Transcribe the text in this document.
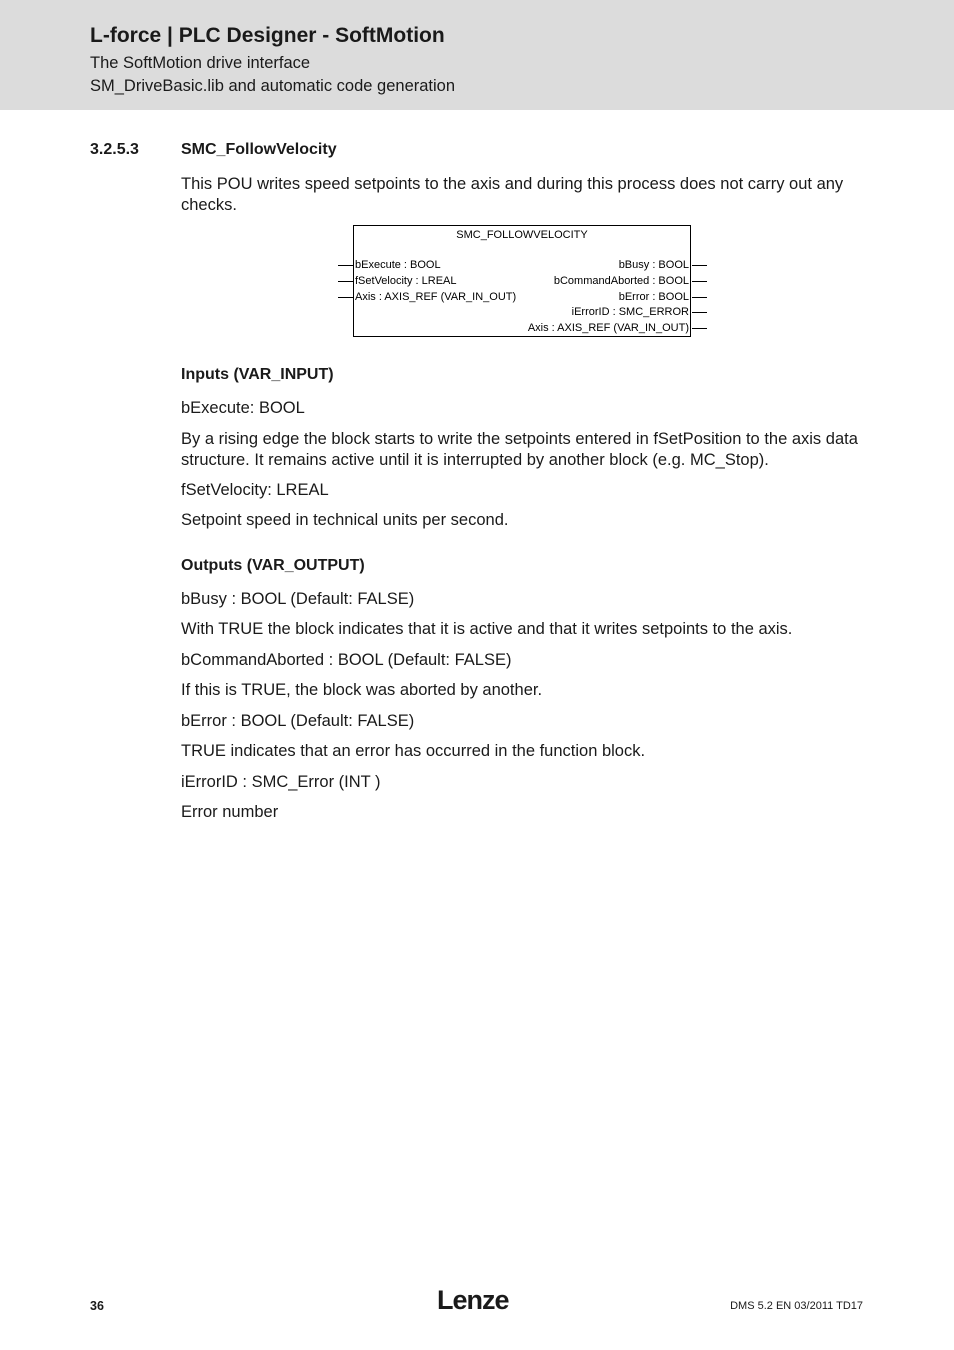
L-force | PLC Designer - SoftMotion
The SoftMotion drive interface
SM_DriveBasic.lib and automatic code generation
3.2.5.3	SMC_FollowVelocity
This POU writes speed setpoints to the axis and during this process does not carry out any checks.
SMC_FOLLOWVELOCITY
bExecute : BOOL
fSetVelocity : LREAL
Axis : AXIS_REF (VAR_IN_OUT)
bBusy : BOOL
bCommandAborted : BOOL
bError : BOOL
iErrorID : SMC_ERROR
Axis : AXIS_REF (VAR_IN_OUT)
Inputs (VAR_INPUT)
bExecute: BOOL
By a rising edge the block starts to write the setpoints entered in fSetPosition to the axis data structure. It remains active until it is interrupted by another block (e.g. MC_Stop).
fSetVelocity: LREAL
Setpoint speed in technical units per second.
Outputs (VAR_OUTPUT)
bBusy : BOOL (Default: FALSE)
With TRUE the block indicates that it is active and that it writes setpoints to the axis.
bCommandAborted : BOOL (Default: FALSE)
If this is TRUE, the block was aborted by another.
bError : BOOL (Default: FALSE)
TRUE indicates that an error has occurred in the function block.
iErrorID : SMC_Error (INT )
Error number
36	Lenze	DMS 5.2 EN 03/2011 TD17
